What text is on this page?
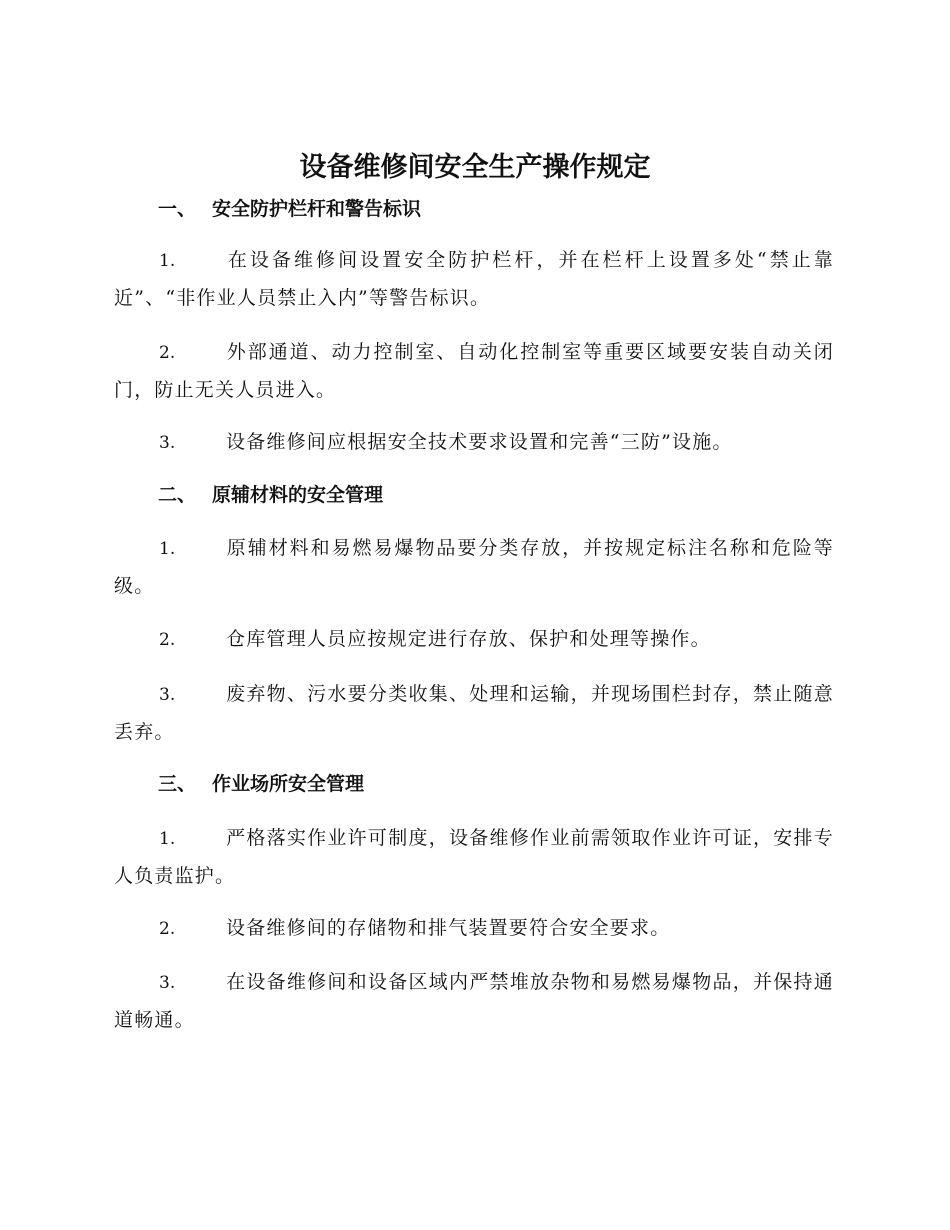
设备维修间安全生产操作规定
一、 安全防护栏杆和警告标识

1.	在设备维修间设置安全防护栏杆，并在栏杆上设置多处“禁止靠近”、“非作业人员禁止入内”等警告标识。

2.	外部通道、动力控制室、自动化控制室等重要区域要安装自动关闭门，防止无关人员进入。

3.	设备维修间应根据安全技术要求设置和完善“三防”设施。

二、 原辅材料的安全管理

1.	原辅材料和易燃易爆物品要分类存放，并按规定标注名称和危险等级。

2.	仓库管理人员应按规定进行存放、保护和处理等操作。

3.	废弃物、污水要分类收集、处理和运输，并现场围栏封存，禁止随意丢弃。

三、 作业场所安全管理

1.	严格落实作业许可制度，设备维修作业前需领取作业许可证，安排专人负责监护。

2.	设备维修间的存储物和排气装置要符合安全要求。

3.	在设备维修间和设备区域内严禁堆放杂物和易燃易爆物品，并保持通道畅通。
